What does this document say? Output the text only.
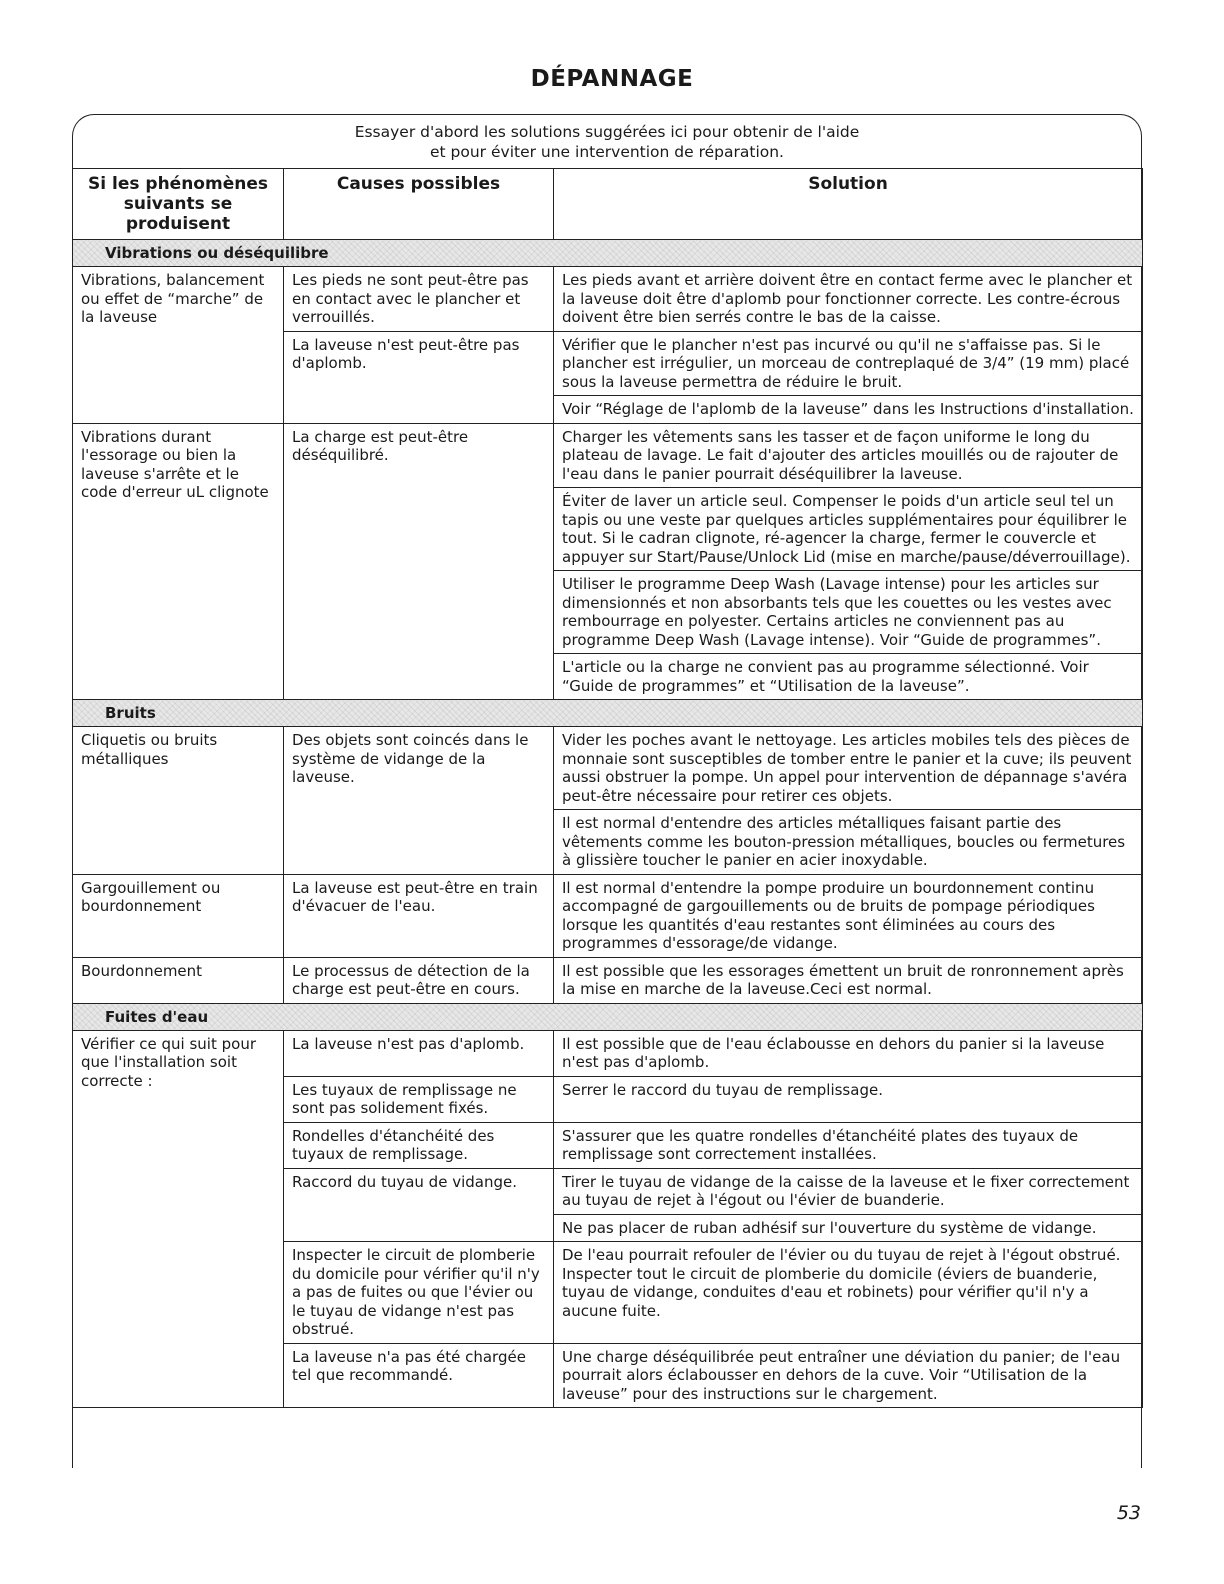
DÉPANNAGE
Essayer d'abord les solutions suggérées ici pour obtenir de l'aide
et pour éviter une intervention de réparation.
Si les phénomènes suivants se produisent	Causes possibles	Solution
Vibrations ou déséquilibre		
Vibrations, balancement ou effet de “marche” de la laveuse	Les pieds ne sont peut-être pas en contact avec le plancher et verrouillés.	Les pieds avant et arrière doivent être en contact ferme avec le plancher et la laveuse doit être d'aplomb pour fonctionner correcte. Les contre-écrous doivent être bien serrés contre le bas de la caisse.
	La laveuse n'est peut-être pas d'aplomb.	Vérifier que le plancher n'est pas incurvé ou qu'il ne s'affaisse pas. Si le plancher est irrégulier, un morceau de contreplaqué de 3/4” (19 mm) placé sous la laveuse permettra de réduire le bruit.
		Voir “Réglage de l'aplomb de la laveuse” dans les Instructions d'installation.
Vibrations durant l'essorage ou bien la laveuse s'arrête et le code d'erreur uL clignote	La charge est peut-être déséquilibré.	Charger les vêtements sans les tasser et de façon uniforme le long du plateau de lavage. Le fait d'ajouter des articles mouillés ou de rajouter de l'eau dans le panier pourrait déséquilibrer la laveuse.
		Éviter de laver un article seul. Compenser le poids d'un article seul tel un tapis ou une veste par quelques articles supplémentaires pour équilibrer le tout. Si le cadran clignote, ré-agencer la charge, fermer le couvercle et appuyer sur Start/Pause/Unlock Lid (mise en marche/pause/déverrouillage).
		Utiliser le programme Deep Wash (Lavage intense) pour les articles sur dimensionnés et non absorbants tels que les couettes ou les vestes avec rembourrage en polyester. Certains articles ne conviennent pas au programme Deep Wash (Lavage intense). Voir “Guide de programmes”.
		L'article ou la charge ne convient pas au programme sélectionné. Voir “Guide de programmes” et “Utilisation de la laveuse”.
Bruits		
Cliquetis ou bruits métalliques	Des objets sont coincés dans le système de vidange de la laveuse.	Vider les poches avant le nettoyage. Les articles mobiles tels des pièces de monnaie sont susceptibles de tomber entre le panier et la cuve; ils peuvent aussi obstruer la pompe. Un appel pour intervention de dépannage s'avéra peut-être nécessaire pour retirer ces objets.
		Il est normal d'entendre des articles métalliques faisant partie des vêtements comme les bouton-pression métalliques, boucles ou fermetures à glissière toucher le panier en acier inoxydable.
Gargouillement ou bourdonnement	La laveuse est peut-être en train d'évacuer de l'eau.	Il est normal d'entendre la pompe produire un bourdonnement continu accompagné de gargouillements ou de bruits de pompage périodiques lorsque les quantités d'eau restantes sont éliminées au cours des programmes d'essorage/de vidange.
Bourdonnement	Le processus de détection de la charge est peut-être en cours.	Il est possible que les essorages émettent un bruit de ronronnement après la mise en marche de la laveuse.Ceci est normal.
Fuites d'eau		
Vérifier ce qui suit pour que l'installation soit correcte :	La laveuse n'est pas d'aplomb.	Il est possible que de l'eau éclabousse en dehors du panier si la laveuse n'est pas d'aplomb.
	Les tuyaux de remplissage ne sont pas solidement fixés.	Serrer le raccord du tuyau de remplissage.
	Rondelles d'étanchéité des tuyaux de remplissage.	S'assurer que les quatre rondelles d'étanchéité plates des tuyaux de remplissage sont correctement installées.
	Raccord du tuyau de vidange.	Tirer le tuyau de vidange de la caisse de la laveuse et le fixer correctement au tuyau de rejet à l'égout ou l'évier de buanderie.
		Ne pas placer de ruban adhésif sur l'ouverture du système de vidange.
	Inspecter le circuit de plomberie du domicile pour vérifier qu'il n'y a pas de fuites ou que l'évier ou le tuyau de vidange n'est pas obstrué.	De l'eau pourrait refouler de l'évier ou du tuyau de rejet à l'égout obstrué. Inspecter tout le circuit de plomberie du domicile (éviers de buanderie, tuyau de vidange, conduites d'eau et robinets) pour vérifier qu'il n'y a aucune fuite.
	La laveuse n'a pas été chargée tel que recommandé.	Une charge déséquilibrée peut entraîner une déviation du panier; de l'eau pourrait alors éclabousser en dehors de la cuve. Voir “Utilisation de la laveuse” pour des instructions sur le chargement.
53
